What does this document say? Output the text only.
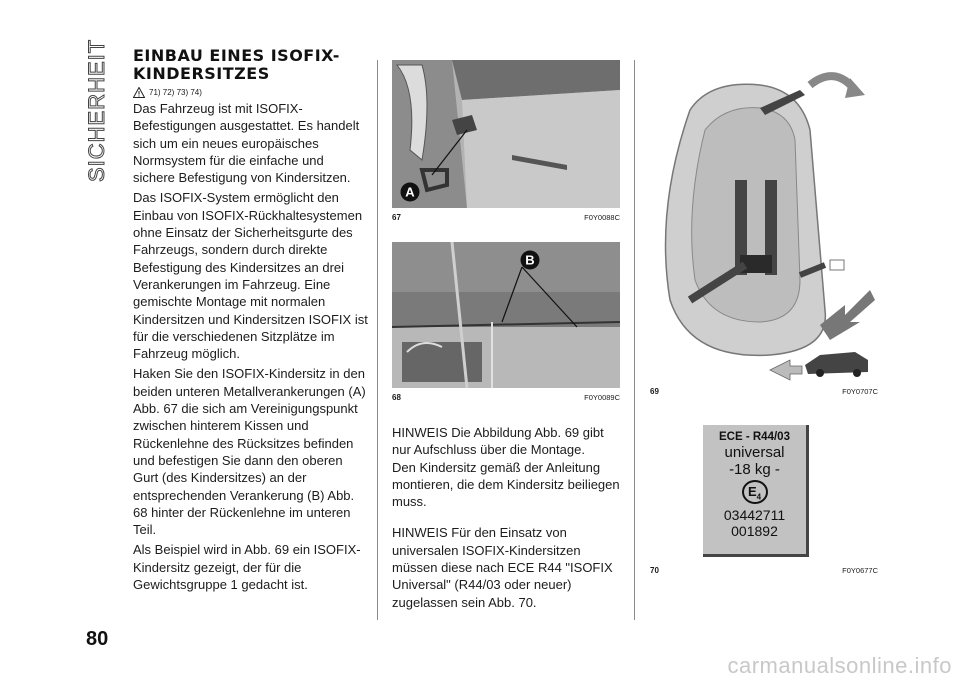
SICHERHEIT	EINBAU EINES ISOFIX-KINDERSITZES
71) 72) 73) 74)

Das Fahrzeug ist mit ISOFIX-Befestigungen ausgestattet. Es handelt sich um ein neues europäisches Normsystem für die einfache und sichere Befestigung von Kindersitzen.

Das ISOFIX-System ermöglicht den Einbau von ISOFIX-Rückhaltesystemen ohne Einsatz der Sicherheitsgurte des Fahrzeugs, sondern durch direkte Befestigung des Kindersitzes an drei Verankerungen im Fahrzeug. Eine gemischte Montage mit normalen Kindersitzen und Kindersitzen ISOFIX ist für die verschiedenen Sitzplätze im Fahrzeug möglich.

Haken Sie den ISOFIX-Kindersitz in den beiden unteren Metallverankerungen (A) Abb. 67 die sich am Vereinigungspunkt zwischen hinterem Kissen und Rückenlehne des Rücksitzes befinden und befestigen Sie dann den oberen Gurt (des Kindersitzes) an der entsprechenden Verankerung (B) Abb. 68 hinter der Rückenlehne im unteren Teil.

Als Beispiel wird in Abb. 69 ein ISOFIX-Kindersitz gezeigt, der für die Gewichtsgruppe 1 gedacht ist.

A
67	F0Y0088C
B
68	F0Y0089C

HINWEIS Die Abbildung Abb. 69 gibt nur Aufschluss über die Montage.

Den Kindersitz gemäß der Anleitung montieren, die dem Kindersitz beiliegen muss.

HINWEIS Für den Einsatz von universalen ISOFIX-Kindersitzen müssen diese nach ECE R44 "ISOFIX Universal" (R44/03 oder neuer) zugelassen sein Abb. 70.

69	F0Y0707C
ECE - R44/03
universal
-18 kg -
$E_4$
03442711
001892
70	F0Y0677C
80
carmanualsonline.info
